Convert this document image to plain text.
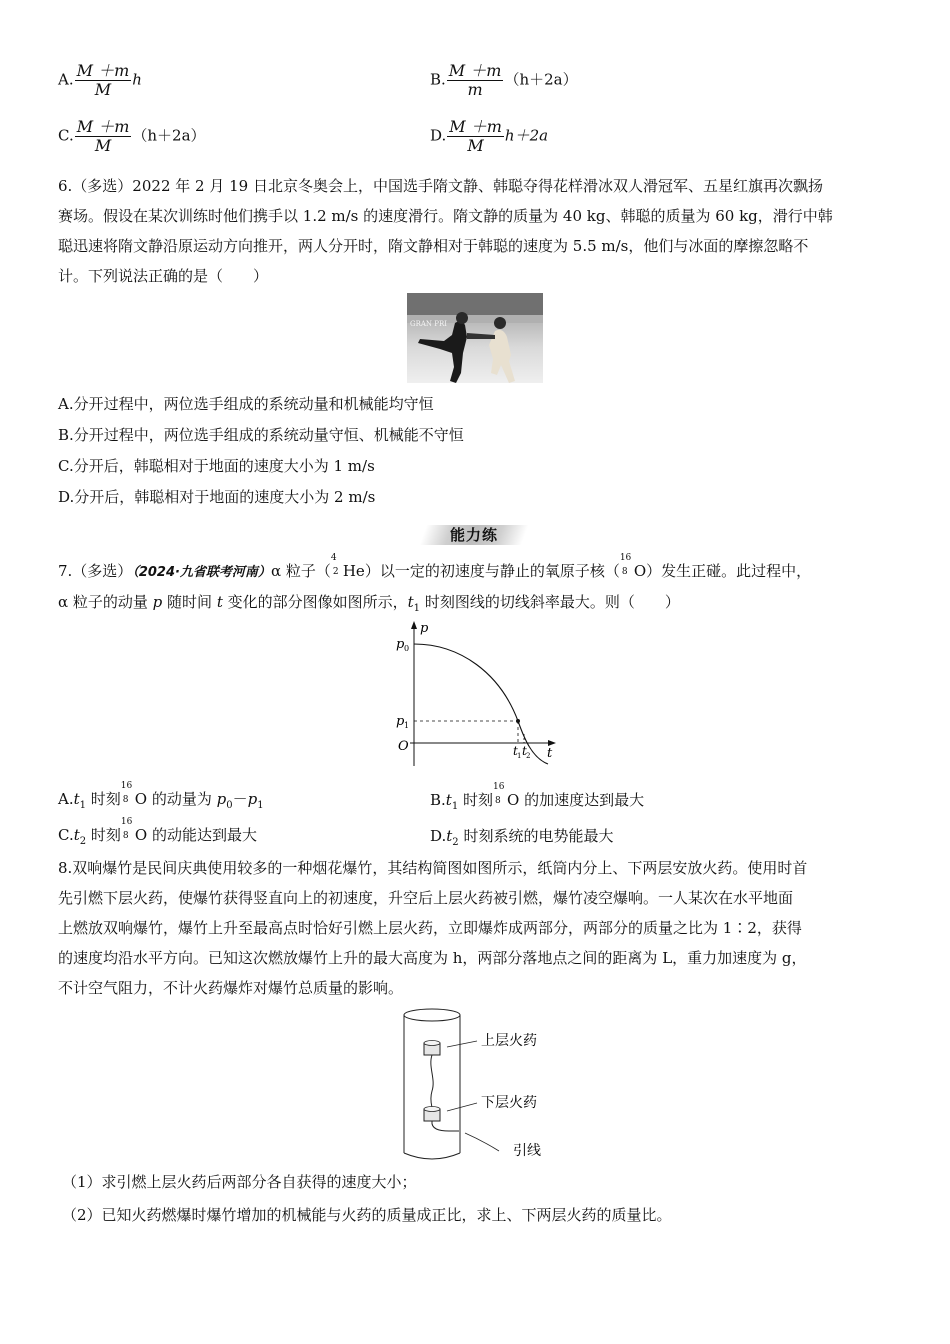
A. $\frac{M +m}{M}$ h	B. $\frac{M +m}{m} (h+2a)$
C. $\frac{M +m}{M} (h+2a)$	D. $\frac{M +m}{M} h+2a$
6.（多选）2022 年 2 月 19 日北京冬奥会上，中国选手隋文静、韩聪夺得花样滑冰双人滑冠军、五星红旗再次飘扬
赛场。假设在某次训练时他们携手以 1.2 m/s 的速度滑行。隋文静的质量为 40 kg、韩聪的质量为 60 kg，滑行中韩
聪迅速将隋文静沿原运动方向推开，两人分开时，隋文静相对于韩聪的速度为 5.5 m/s，他们与冰面的摩擦忽略不
计。下列说法正确的是（　　）
GRAN PRI
A.分开过程中，两位选手组成的系统动量和机械能均守恒
B.分开过程中，两位选手组成的系统动量守恒、机械能不守恒
C.分开后，韩聪相对于地面的速度大小为 1 m/s
D.分开后，韩聪相对于地面的速度大小为 2 m/s
能力练
7.（多选）（2024·九省联考河南）α 粒子（
4
2 He）以一定的初速度与静止的氧原子核（
16
8 O）发生正碰。此过程中，
α 粒子的动量 p 随时间 t 变化的部分图像如图所示，$t_1$ 时刻图线的切线斜率最大。则（　　）
p
t
p 0
p 1
O	t 1 t 2
$A.t_1$ 时刻
16
8 O 的动量为 $p_0-p_1$	$B.t_1$ 时刻
16
8 O 的加速度达到最大
$C.t_2$ 时刻
16
8 O 的动能达到最大	$D.t_2$ 时刻系统的电势能最大
8.双响爆竹是民间庆典使用较多的一种烟花爆竹，其结构简图如图所示，纸筒内分上、下两层安放火药。使用时首
先引燃下层火药，使爆竹获得竖直向上的初速度，升空后上层火药被引燃，爆竹凌空爆响。一人某次在水平地面
上燃放双响爆竹，爆竹上升至最高点时恰好引燃上层火药，立即爆炸成两部分，两部分的质量之比为 1∶2，获得
的速度均沿水平方向。已知这次燃放爆竹上升的最大高度为 h，两部分落地点之间的距离为 L，重力加速度为 g，
不计空气阻力，不计火药爆炸对爆竹总质量的影响。
上层火药
下层火药
引线
（1）求引燃上层火药后两部分各自获得的速度大小；
（2）已知火药燃爆时爆竹增加的机械能与火药的质量成正比，求上、下两层火药的质量比。
